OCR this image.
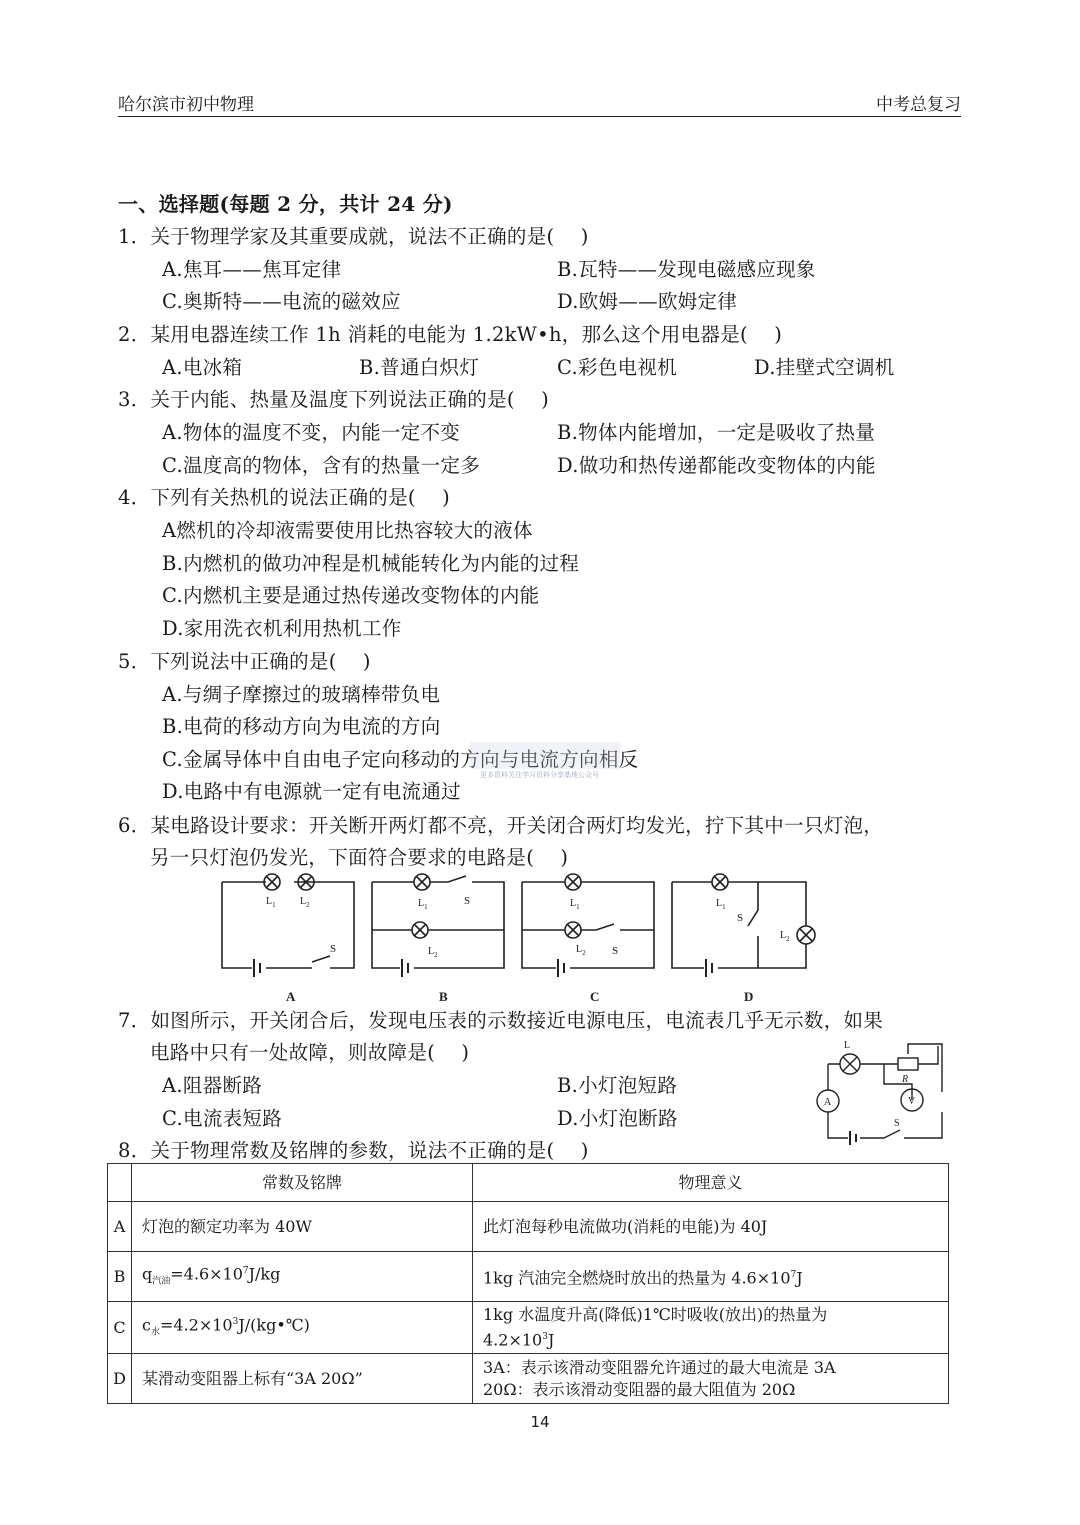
哈尔滨市初中物理	中考总复习
一、选择题(每题 2 分，共计 24 分)
1．关于物理学家及其重要成就，说法不正确的是(　 )
A.焦耳——焦耳定律	B.瓦特——发现电磁感应现象
C.奥斯特——电流的磁效应	D.欧姆——欧姆定律
2．某用电器连续工作 1h 消耗的电能为 1.2kW•h，那么这个用电器是(　 )
A.电冰箱	B.普通白炽灯	C.彩色电视机	D.挂壁式空调机
3．关于内能、热量及温度下列说法正确的是(　 )
A.物体的温度不变，内能一定不变	B.物体内能增加，一定是吸收了热量
C.温度高的物体，含有的热量一定多	D.做功和热传递都能改变物体的内能
4．下列有关热机的说法正确的是(　 )
A燃机的冷却液需要使用比热容较大的液体
B.内燃机的做功冲程是机械能转化为内能的过程
C.内燃机主要是通过热传递改变物体的内能
D.家用洗衣机利用热机工作
5．下列说法中正确的是(　 )
A.与绸子摩擦过的玻璃棒带负电
B.电荷的移动方向为电流的方向
C.金属导体中自由电子定向移动的方向与电流方向相反
D.电路中有电源就一定有电流通过
更多资料关注学习资料分享基地公众号
6．某电路设计要求：开关断开两灯都不亮，开关闭合两灯均发光，拧下其中一只灯泡，
另一只灯泡仍发光，下面符合要求的电路是(　 )
$L_1$ $L_2$
S
A
$L_1$	S
$L_2$
B
$L_1$
$L_2$ S
C
$L_1$
S
$L_2$
D
7．如图所示，开关闭合后，发现电压表的示数接近电源电压，电流表几乎无示数，如果
电路中只有一处故障，则故障是(　 )
A.阻器断路	B.小灯泡短路
C.电流表短路	D.小灯泡断路
L
R
A	V
S
8．关于物理常数及铭牌的参数，说法不正确的是(　 )
	常数及铭牌	物理意义
A	灯泡的额定功率为 40W	此灯泡每秒电流做功(消耗的电能)为 40J
B	$q_{汽油}=4.6\times 10^7J/kg$	1kg 汽油完全燃烧时放出的热量为 $4.6\times 10^7J$
C	$c_水=4.2\times 10^3J/(kg•℃)$	1kg 水温度升高(降低)1℃时吸收(放出)的热量为
$4.2\times 10^3J$

D	某滑动变阻器上标有“3A 20Ω”	3A：表示该滑动变阻器允许通过的最大电流是 3A
20Ω：表示该滑动变阻器的最大阻值为 20Ω
14
